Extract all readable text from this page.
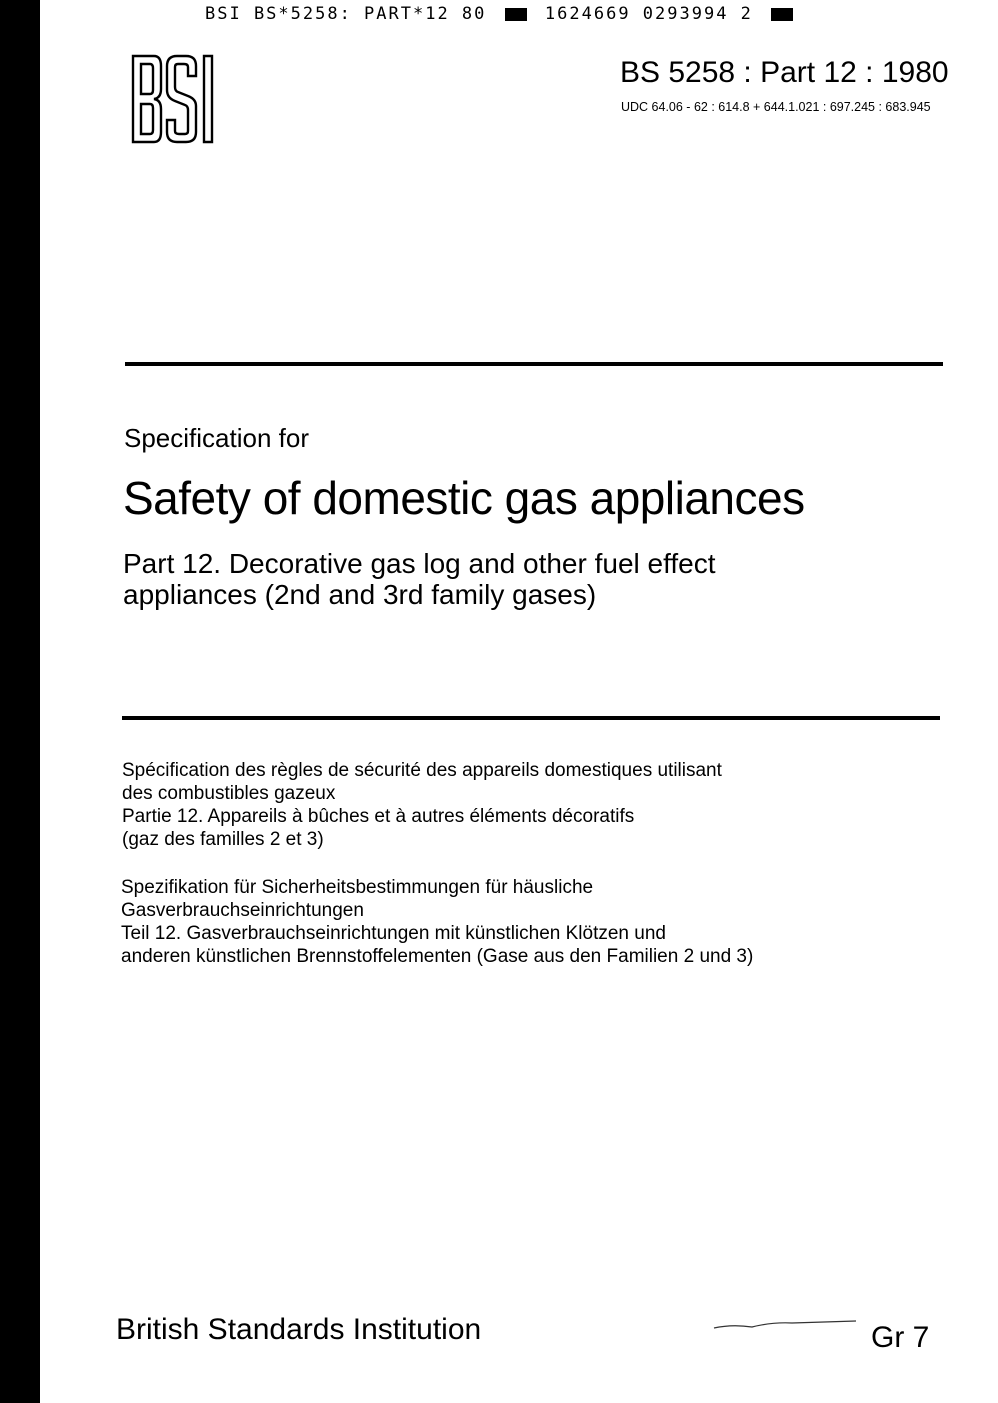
BSI BS*5258: PART*12 80	1624669 0293994 2
BS 5258 : Part 12 : 1980
UDC 64.06 - 62 : 614.8 + 644.1.021 : 697.245 : 683.945
Specification for
Safety of domestic gas appliances
Part 12. Decorative gas log and other fuel effect
appliances (2nd and 3rd family gases)
Spécification des règles de sécurité des appareils domestiques utilisant
des combustibles gazeux
Partie 12. Appareils à bûches et à autres éléments décoratifs
(gaz des familles 2 et 3)
Spezifikation für Sicherheitsbestimmungen für häusliche
Gasverbrauchseinrichtungen
Teil 12. Gasverbrauchseinrichtungen mit künstlichen Klötzen und
anderen künstlichen Brennstoffelementen (Gase aus den Familien 2 und 3)
British Standards Institution	Gr 7
